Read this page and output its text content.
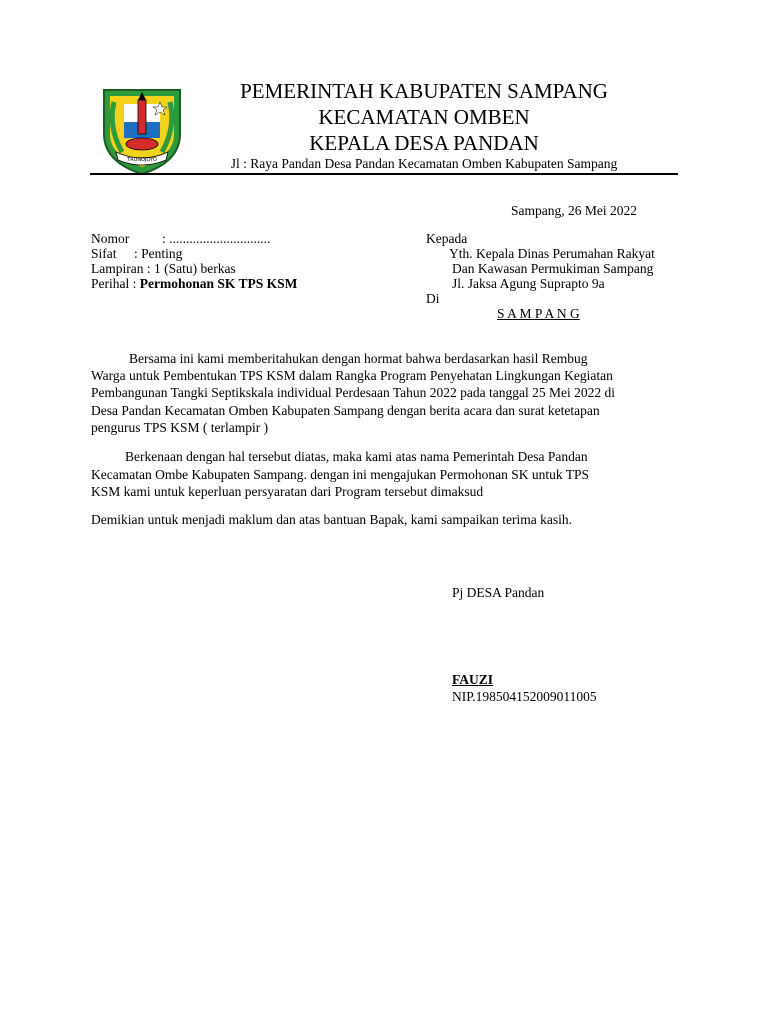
TRUNOJOYO
PEMERINTAH KABUPATEN SAMPANG
KECAMATAN OMBEN
KEPALA DESA PANDAN
Jl : Raya Pandan Desa Pandan Kecamatan Omben Kabupaten Sampang
Sampang, 26 Mei 2022
Nomor : ..............................
Sifat : Penting
Lampiran : 1 (Satu) berkas
Perihal : Permohonan SK TPS KSM
Kepada
Yth. Kepala Dinas Perumahan Rakyat
Dan Kawasan Permukiman Sampang
Jl. Jaksa Agung Suprapto 9a
Di
S A M P A N G
Bersama ini kami memberitahukan dengan hormat bahwa berdasarkan hasil Rembug
Warga untuk Pembentukan TPS KSM dalam Rangka Program Penyehatan Lingkungan Kegiatan
Pembangunan Tangki Septikskala individual Perdesaan Tahun 2022 pada tanggal 25 Mei 2022 di
Desa Pandan Kecamatan Omben Kabupaten Sampang dengan berita acara dan surat ketetapan
pengurus TPS KSM ( terlampir )
Berkenaan dengan hal tersebut diatas, maka kami atas nama Pemerintah Desa Pandan
Kecamatan Ombe Kabupaten Sampang. dengan ini mengajukan Permohonan SK untuk TPS
KSM kami untuk keperluan persyaratan dari Program tersebut dimaksud
Demikian untuk menjadi maklum dan atas bantuan Bapak, kami sampaikan terima kasih.
Pj DESA Pandan
FAUZI
NIP.198504152009011005
